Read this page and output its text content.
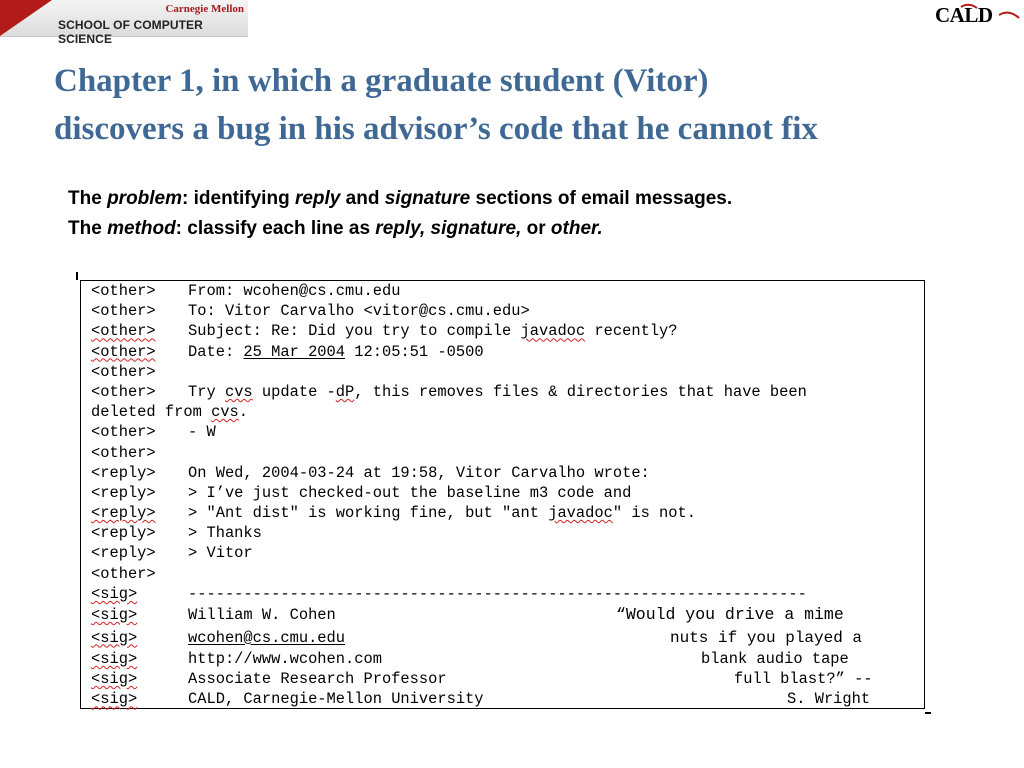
Carnegie Mellon
SCHOOL OF COMPUTER SCIENCE
CALD
Chapter 1, in which a graduate student (Vitor)
discovers a bug in his advisor’s code that he cannot fix
The problem: identifying reply and signature sections of email messages.
The method: classify each line as reply, signature, or other.
<other> From: wcohen@cs.cmu.edu
<other> To: Vitor Carvalho <vitor@cs.cmu.edu>
<other> Subject: Re: Did you try to compile javadoc recently?
<other> Date: 25 Mar 2004 12:05:51 -0500
<other>
<other> Try cvs update -dP, this removes files & directories that have been
deleted from cvs.
<other> - W
<other>
<reply> On Wed, 2004-03-24 at 19:58, Vitor Carvalho wrote:
<reply> > I’ve just checked-out the baseline m3 code and
<reply> > "Ant dist" is working fine, but "ant javadoc" is not.
<reply> > Thanks
<reply> > Vitor
<other>
<sig>	-------------------------------------------------------------------
<sig>	William W. Cohen	“Would you drive a mime
<sig>	wcohen@cs.cmu.edu	nuts if you played a
<sig>	http://www.wcohen.com	blank audio tape
<sig>	Associate Research Professor	full blast?” --
<sig>	CALD, Carnegie-Mellon University	S. Wright
